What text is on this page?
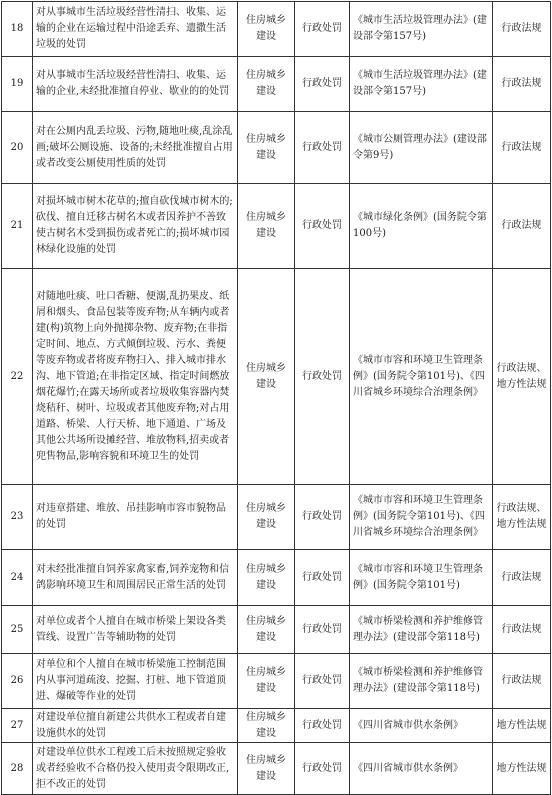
18	对从事城市生活垃圾经营性清扫、收集、运输的企业在运输过程中沿途丢弃、遗撒生活垃圾的处罚	住房城乡建设	行政处罚	《城市生活垃圾管理办法》(建设部令第157号)	行政法规
19	对从事城市生活垃圾经营性清扫、收集、运输的企业,未经批准擅自停业、歇业的的处罚	住房城乡建设	行政处罚	《城市生活垃圾管理办法》(建设部令第157号)	行政法规
20	对在公厕内乱丢垃圾、污物,随地吐痰,乱涂乱画;破坏公厕设施、设备的;未经批准擅自占用或者改变公厕使用性质的处罚	住房城乡建设	行政处罚	《城市公厕管理办法》(建设部令第9号)	行政法规
21	对损坏城市树木花草的;擅自砍伐城市树木的;砍伐、擅自迁移古树名木或者因养护不善致使古树名木受到损伤或者死亡的;损坏城市园林绿化设施的处罚	住房城乡建设	行政处罚	《城市绿化条例》(国务院令第100号)	行政法规
22	对随地吐痰、吐口香糖、便溺,乱扔果皮、纸屑和烟头、食品包装等废弃物;从车辆内或者建(构)筑物上向外抛掷杂物、废弃物;在非指定时间、地点、方式倾倒垃圾、污水、粪便等废弃物或者将废弃物扫入、排入城市排水沟、地下管道;在非指定区域、指定时间燃放烟花爆竹;在露天场所或者垃圾收集容器内焚烧秸秆、树叶、垃圾或者其他废弃物;对占用道路、桥梁、人行天桥、地下通道、广场及其他公共场所设摊经营、堆放物料,招卖或者兜售物品,影响容貌和环境卫生的处罚	住房城乡建设	行政处罚	《城市市容和环境卫生管理条例》(国务院令第101号)、《四川省城乡环境综合治理条例》	行政法规、地方性法规
23	对违章搭建、堆放、吊挂影响市容市貌物品的处罚	住房城乡建设	行政处罚	《城市市容和环境卫生管理条例》(国务院令第101号)、《四川省城乡环境综合治理条例》	行政法规、地方性法规
24	对未经批准擅自饲养家禽家畜,饲养宠物和信鸽影响环境卫生和周围居民正常生活的处罚	住房城乡建设	行政处罚	《城市市容和环境卫生管理条例》(国务院令第101号)	行政法规
25	对单位或者个人擅自在城市桥梁上架设各类管线、设置广告等辅助物的处罚	住房城乡建设	行政处罚	《城市桥梁检测和养护维修管理办法》(建设部令第118号)	行政法规
26	对单位和个人擅自在城市桥梁施工控制范围内从事河道疏浚、挖掘、打桩、地下管道顶进、爆破等作业的处罚	住房城乡建设	行政处罚	《城市桥梁检测和养护维修管理办法》(建设部令第118号)	行政法规
27	对建设单位擅自新建公共供水工程或者自建设施供水的处罚	住房城乡建设	行政处罚	《四川省城市供水条例》	地方性法规
28	对建设单位供水工程竣工后未按照规定验收或者经验收不合格仍投入使用责令限期改正,拒不改正的处罚	住房城乡建设	行政处罚	《四川省城市供水条例》	地方性法规
